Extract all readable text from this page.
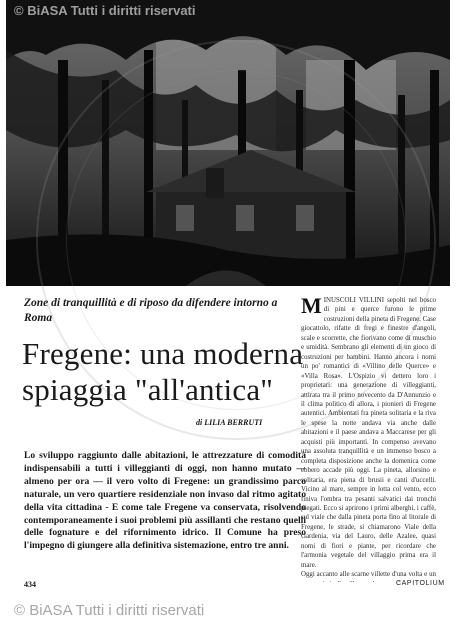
© BiASA Tutti i diritti riservati
Zone di tranquillità e di riposo da difendere intorno a Roma
Fregene: una moderna spiaggia "all'antica"
di LILIA BERRUTI
Lo sviluppo raggiunto dalle abitazioni, le attrezzature di comodità indispensabili a tutti i villeggianti di oggi, non hanno mutato — almeno per ora — il vero volto di Fregene: un grandissimo parco naturale, un vero quartiere residenziale non invaso dal ritmo agitato della vita cittadina - E come tale Fregene va conservata, risolvendo contemporaneamente i suoi problemi più assillanti che restano quelli delle fognature e del rifornimento idrico. Il Comune ha preso l'impegno di giungere alla definitiva sistemazione, entro tre anni.

MINUSCOLI VILLINI sepolti nel bosco di pini e querce furono le prime costruzioni della pineta di Fregene. Case giocattolo, rifatte di fregi e finestre d'angoli, scale e scorrette, che fiorivano come di muschio e umidità. Sembrano gli elementi di un gioco di costruzioni per bambini. Hanno ancora i nomi un po' romantici di «Villino delle Querce» e «Villa Rosa». L'Ospizio vi dettero loro i proprietari: una generazione di villeggianti, attirata tra il primo novecento da D'Annunzio e il clima politico di allora, i pionieri di Fregene autentici. Ambientati fra pineta solitaria e la riva le spese la notte andava via anche dalle abitazioni e il paese andava a Maccarese per gli acquisti più importanti. In compenso avevano una assoluta tranquillità e un immenso bosco a completa disposizione anche la domenica come ebbero accade più oggi. La pineta, allorsino e solitaria, era piena di brusii e canti d'uccelli. Vicino al mare, sempre in lotta col vento, ecco finiva l'ombra tra pesanti salvatici dai tronchi piegati. Ecco si aprirono i primi alberghi, i caffè, sul viale che dalla pineta porta fino al litorale di Fregene, le strade, si chiamarono Viale della Gardenia, via del Lauro, delle Azalee, quasi nomi di fiori e piante, per ricordare che l'armonia vegetale del villaggio prima era il mare.

Oggi accanto alle scarne villette d'una volta e un

434	CAPITOLIUM
© BiASA Tutti i diritti riservati
